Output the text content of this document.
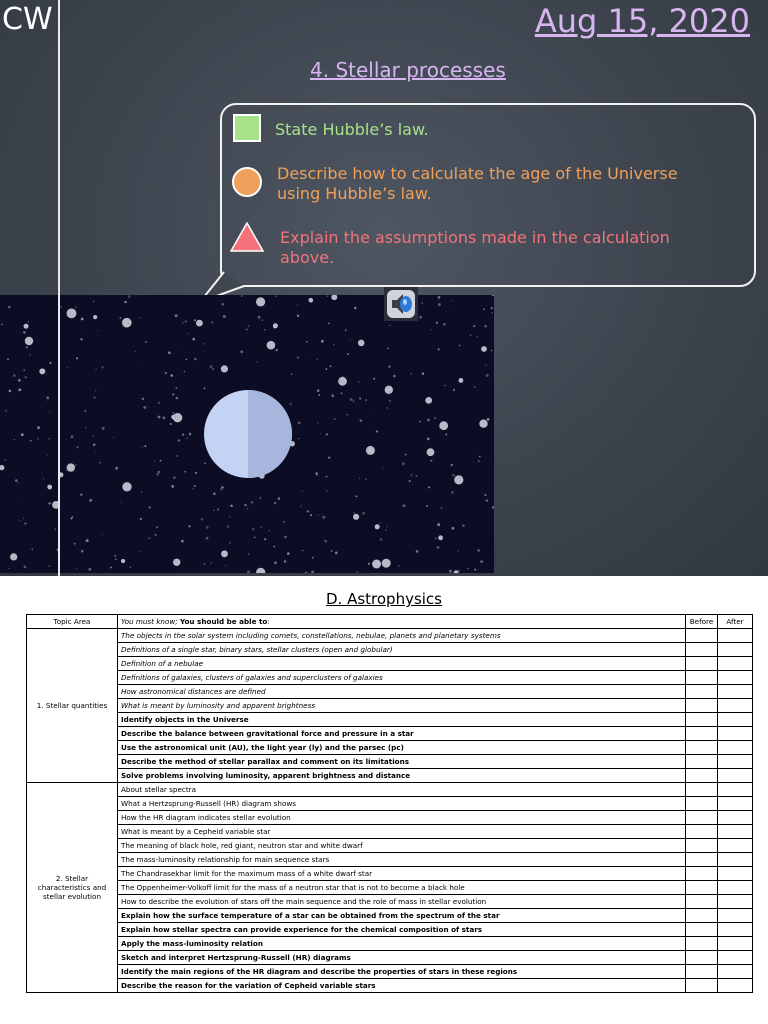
CW	Aug 15, 2020
4. Stellar processes
State Hubble’s law.
Describe how to calculate the age of the Universe using Hubble’s law.
Explain the assumptions made in the calculation above.
D. Astrophysics
Topic Area	You must know; You should be able to:	Before	After
1. Stellar quantities	The objects in the solar system including comets, constellations, nebulae, planets and planetary systems		
	Definitions of a single star, binary stars, stellar clusters (open and globular)		
	Definition of a nebulae		
	Definitions of galaxies, clusters of galaxies and superclusters of galaxies		
	How astronomical distances are defined		
	What is meant by luminosity and apparent brightness		
	Identify objects in the Universe		
	Describe the balance between gravitational force and pressure in a star		
	Use the astronomical unit (AU), the light year (ly) and the parsec (pc)		
	Describe the method of stellar parallax and comment on its limitations		
	Solve problems involving luminosity, apparent brightness and distance		
2. Stellar characteristics and stellar evolution	About stellar spectra		
	What a Hertzsprung-Russell (HR) diagram shows		
	How the HR diagram indicates stellar evolution		
	What is meant by a Cepheid variable star		
	The meaning of black hole, red giant, neutron star and white dwarf		
	The mass-luminosity relationship for main sequence stars		
	The Chandrasekhar limit for the maximum mass of a white dwarf star		
	The Oppenheimer-Volkoff limit for the mass of a neutron star that is not to become a black hole		
	How to describe the evolution of stars off the main sequence and the role of mass in stellar evolution		
	Explain how the surface temperature of a star can be obtained from the spectrum of the star		
	Explain how stellar spectra can provide experience for the chemical composition of stars		
	Apply the mass-luminosity relation		
	Sketch and interpret Hertzsprung-Russell (HR) diagrams		
	Identify the main regions of the HR diagram and describe the properties of stars in these regions		
	Describe the reason for the variation of Cepheid variable stars		
